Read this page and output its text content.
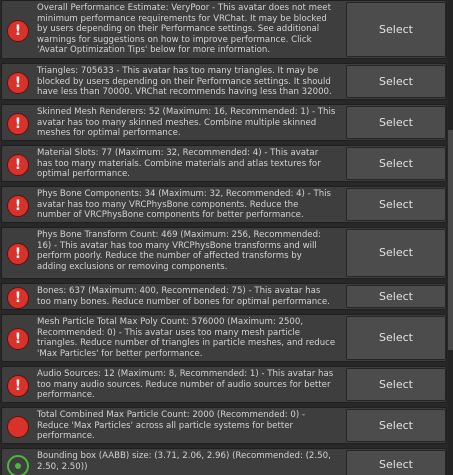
!
Overall Performance Estimate: VeryPoor - This avatar does not meet
minimum performance requirements for VRChat. It may be blocked
by users depending on their Performance settings. See additional
warnings for suggestions on how to improve performance. Click
'Avatar Optimization Tips' below for more information.
Select
!
Triangles: 705633 - This avatar has too many triangles. It may be
blocked by users depending on their Performance settings. It should
have less than 70000. VRChat recommends having less than 32000.
Select
!
Skinned Mesh Renderers: 52 (Maximum: 16, Recommended: 1) - This
avatar has too many skinned meshes. Combine multiple skinned
meshes for optimal performance.
Select
!
Material Slots: 77 (Maximum: 32, Recommended: 4) - This avatar
has too many materials. Combine materials and atlas textures for
optimal performance.
Select
!
Phys Bone Components: 34 (Maximum: 32, Recommended: 4) - This
avatar has too many VRCPhysBone components. Reduce the
number of VRCPhysBone components for better performance.
Select
!
Phys Bone Transform Count: 469 (Maximum: 256, Recommended:
16) - This avatar has too many VRCPhysBone transforms and will
perform poorly. Reduce the number of affected transforms by
adding exclusions or removing components.
Select
!
Bones: 637 (Maximum: 400, Recommended: 75) - This avatar has
too many bones. Reduce number of bones for optimal performance.	Select
!
Mesh Particle Total Max Poly Count: 576000 (Maximum: 2500,
Recommended: 0) - This avatar uses too many mesh particle
triangles. Reduce number of triangles in particle meshes, and reduce
'Max Particles' for better performance.
Select
!
Audio Sources: 12 (Maximum: 8, Recommended: 1) - This avatar has
too many audio sources. Reduce number of audio sources for better
performance.
Select
Total Combined Max Particle Count: 2000 (Recommended: 0) -
Reduce 'Max Particles' across all particle systems for better
performance.
Select
Bounding box (AABB) size: (3.71, 2.06, 2.96) (Recommended: (2.50,
2.50, 2.50))	Select
